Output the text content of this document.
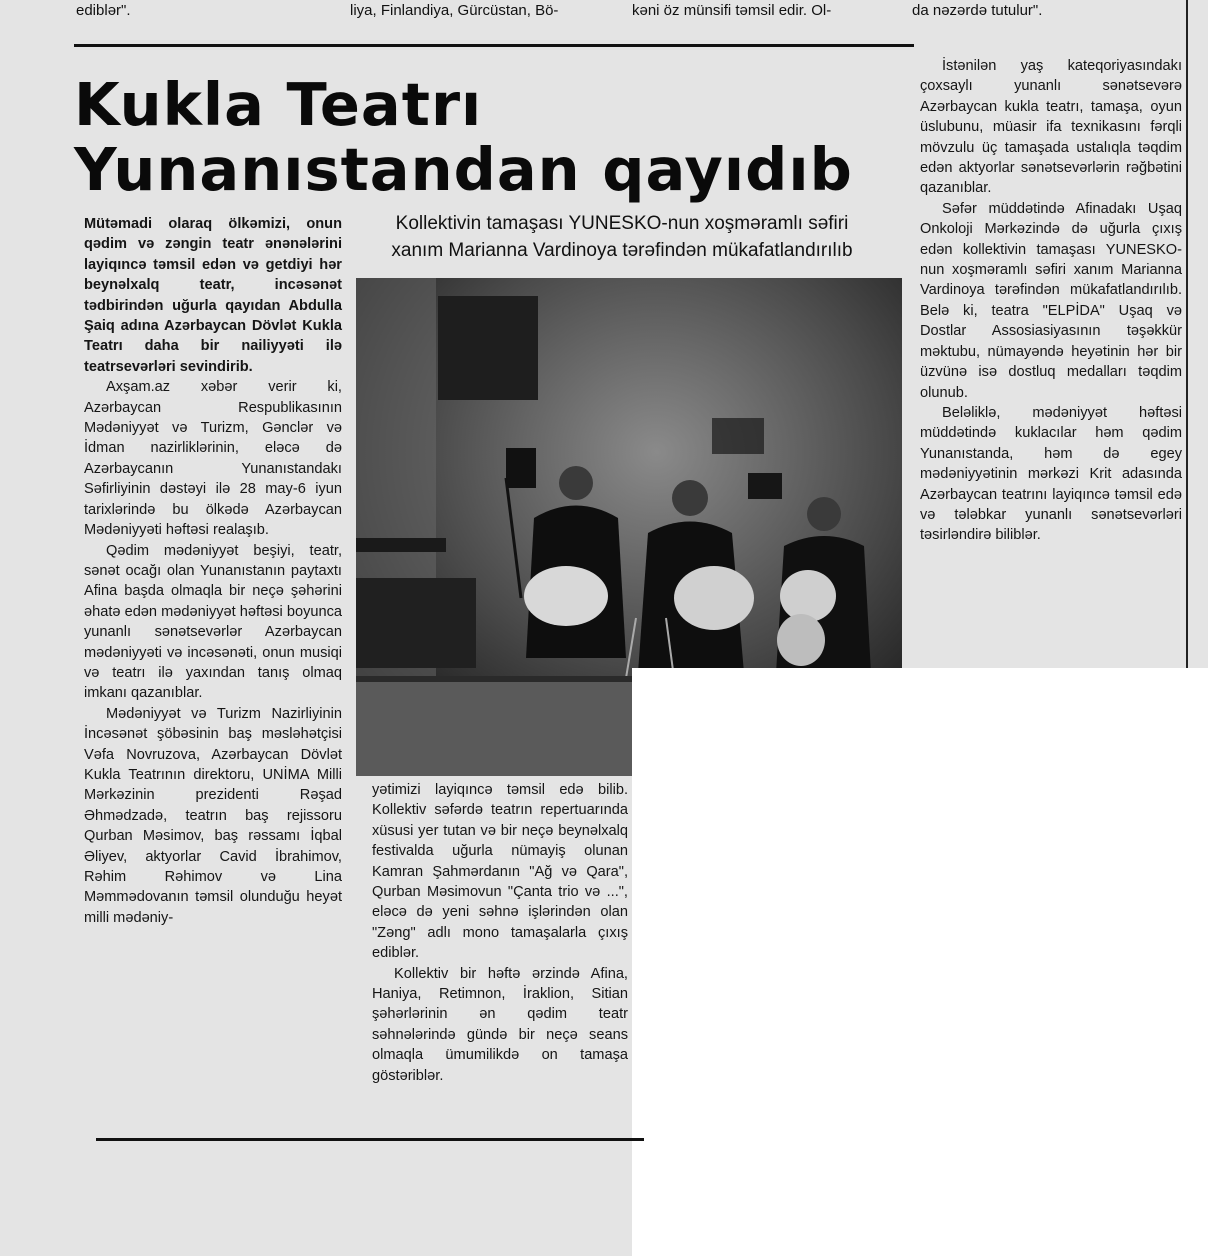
ediblər".	liya, Finlandiya, Gürcüstan, Bö-	kəni öz münsifi təmsil edir. Ol-	da nəzərdə tutulur".
Kukla Teatrı
Yunanıstandan qayıdıb
Kollektivin tamaşası YUNESKO-nun xoşməramlı səfiri
xanım Marianna Vardinoya tərəfindən mükafatlandırılıb

Mütəmadi olaraq ölkəmizi, onun qədim və zəngin teatr ənənələrini layiqıncə təmsil edən və getdiyi hər beynəlxalq teatr, incəsənət tədbirindən uğurla qayıdan Abdulla Şaiq adına Azərbaycan Dövlət Kukla Teatrı daha bir nailiyyəti ilə teatrsevərləri sevindirib.

Axşam.az xəbər verir ki, Azərbaycan Respublikasının Mədəniyyət və Turizm, Gənclər və İdman nazirliklərinin, eləcə də Azərbaycanın Yunanıstandakı Səfirliyinin dəstəyi ilə 28 may-6 iyun tarixlərində bu ölkədə Azərbaycan Mədəniyyəti həftəsi realaşıb.

Qədim mədəniyyət beşiyi, teatr, sənət ocağı olan Yunanıstanın paytaxtı Afina başda olmaqla bir neçə şəhərini əhatə edən mədəniyyət həftəsi boyunca yunanlı sənətsevərlər Azərbaycan mədəniyyəti və incəsənəti, onun musiqi və teatrı ilə yaxından tanış olmaq imkanı qazanıblar.

Mədəniyyət və Turizm Nazirliyinin İncəsənət şöbəsinin baş məsləhətçisi Vəfa Novruzova, Azərbaycan Dövlət Kukla Teatrının direktoru, UNİMA Milli Mərkəzinin prezidenti Rəşad Əhmədzadə, teatrın baş rejissoru Qurban Məsimov, baş rəssamı İqbal Əliyev, aktyorlar Cavid İbrahimov, Rəhim Rəhimov və Lina Məmmədovanın təmsil olunduğu heyət milli mədəniy-

yətimizi layiqıncə təmsil edə bilib. Kollektiv səfərdə teatrın repertuarında xüsusi yer tutan və bir neçə beynəlxalq festivalda uğurla nümayiş olunan Kamran Şahmərdanın "Ağ və Qara", Qurban Məsimovun "Çanta trio və ...", eləcə də yeni səhnə işlərindən olan "Zəng" adlı mono tamaşalarla çıxış ediblər.

Kollektiv bir həftə ərzində Afina, Haniya, Retimnon, İraklion, Sitian şəhərlərinin ən qədim teatr səhnələrində gündə bir neçə seans olmaqla ümumilikdə on tamaşa göstəriblər.

İstənilən yaş kateqoriyasındakı çoxsaylı yunanlı sənətsevərə Azərbaycan kukla teatrı, tamaşa, oyun üslubunu, müasir ifa texnikasını fərqli mövzulu üç tamaşada ustalıqla təqdim edən aktyorlar sənətsevərlərin rəğbətini qazanıblar.

Səfər müddətində Afinadakı Uşaq Onkoloji Mərkəzində də uğurla çıxış edən kollektivin tamaşası YUNESKO-nun xoşməramlı səfiri xanım Marianna Vardinoya tərəfindən mükafatlandırılıb. Belə ki, teatra "ELPİDA" Uşaq və Dostlar Assosiasiyasının təşəkkür məktubu, nümayəndə heyətinin hər bir üzvünə isə dostluq medalları təqdim olunub.

Beləliklə, mədəniyyət həftəsi müddətində kuklacılar həm qədim Yunanıstanda, həm də egey mədəniyyətinin mərkəzi Krit adasında Azərbaycan teatrını layiqıncə təmsil edə və tələbkar yunanlı sənətsevərləri təsirləndirə biliblər.
